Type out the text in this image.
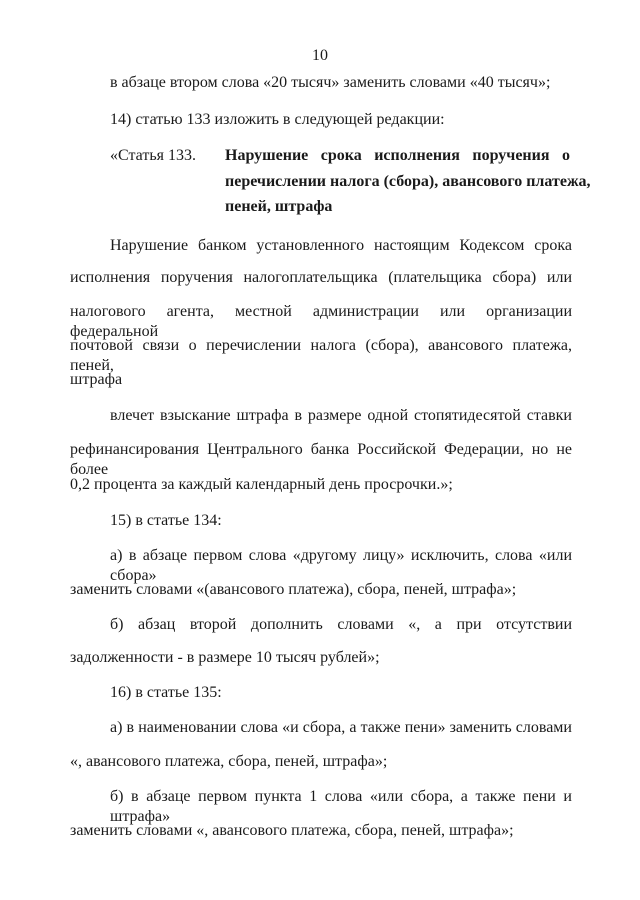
10
в абзаце втором слова «20 тысяч» заменить словами «40 тысяч»;
14) статью 133 изложить в следующей редакции:
«Статья 133. Нарушение срока исполнения поручения о
перечислении налога (сбора), авансового платежа,
пеней, штрафа
Нарушение банком установленного настоящим Кодексом срока
исполнения поручения налогоплательщика (плательщика сбора) или
налогового агента, местной администрации или организации федеральной
почтовой связи о перечислении налога (сбора), авансового платежа, пеней,
штрафа
влечет взыскание штрафа в размере одной стопятидесятой ставки
рефинансирования Центрального банка Российской Федерации, но не более
0,2 процента за каждый календарный день просрочки.»;
15) в статье 134:
а) в абзаце первом слова «другому лицу» исключить, слова «или сбора»
заменить словами «(авансового платежа), сбора, пеней, штрафа»;
б) абзац второй дополнить словами «, а при отсутствии
задолженности - в размере 10 тысяч рублей»;
16) в статье 135:
а) в наименовании слова «и сбора, а также пени» заменить словами
«, авансового платежа, сбора, пеней, штрафа»;
б) в абзаце первом пункта 1 слова «или сбора, а также пени и штрафа»
заменить словами «, авансового платежа, сбора, пеней, штрафа»;
